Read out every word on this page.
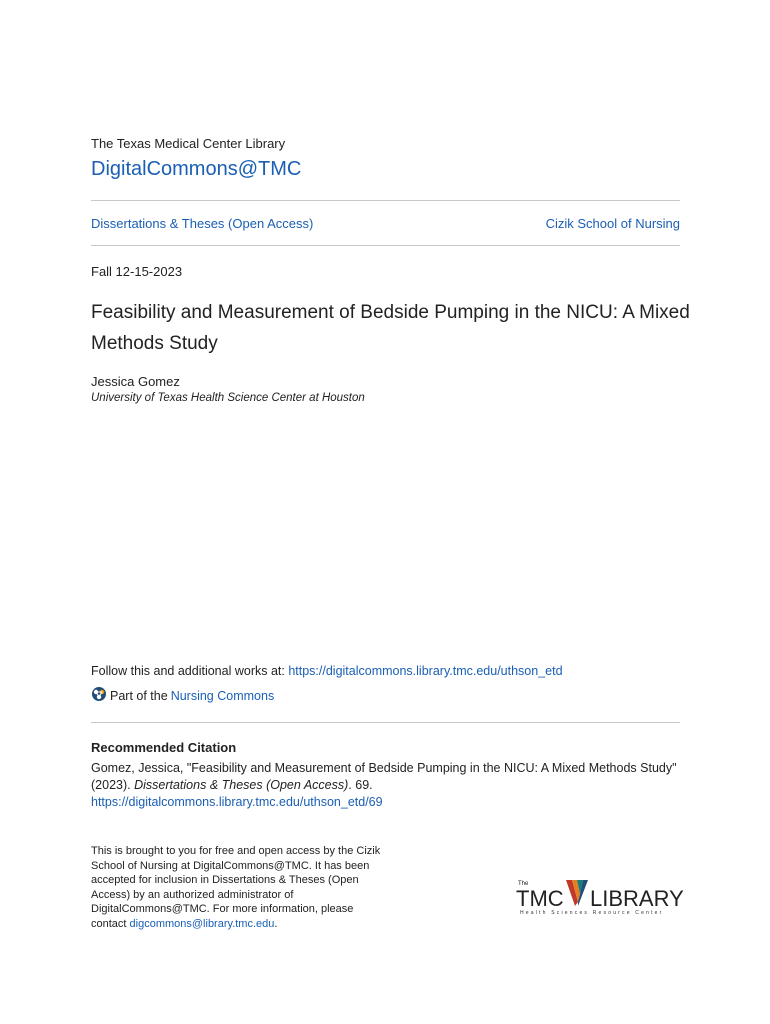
The Texas Medical Center Library
DigitalCommons@TMC
Dissertations & Theses (Open Access)	Cizik School of Nursing
Fall 12-15-2023
Feasibility and Measurement of Bedside Pumping in the NICU: A Mixed Methods Study
Jessica Gomez
University of Texas Health Science Center at Houston
Follow this and additional works at: https://digitalcommons.library.tmc.edu/uthson_etd
Part of the Nursing Commons
Recommended Citation
Gomez, Jessica, "Feasibility and Measurement of Bedside Pumping in the NICU: A Mixed Methods Study" (2023). Dissertations & Theses (Open Access). 69.
https://digitalcommons.library.tmc.edu/uthson_etd/69
This is brought to you for free and open access by the Cizik School of Nursing at DigitalCommons@TMC. It has been accepted for inclusion in Dissertations & Theses (Open Access) by an authorized administrator of DigitalCommons@TMC. For more information, please contact digcommons@library.tmc.edu.
The
TMC LIBRARY
Health Sciences Resource Center
